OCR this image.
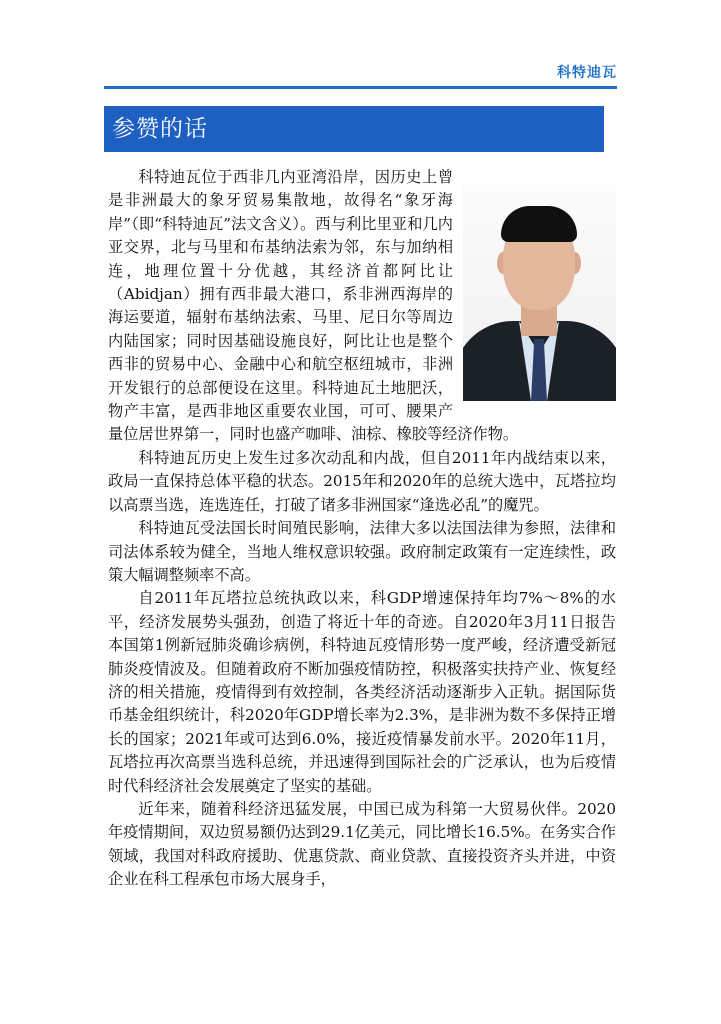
科特迪瓦
参赞的话

科特迪瓦位于西非几内亚湾沿岸，因历史上曾是非洲最大的象牙贸易集散地，故得名“象牙海岸”（即“科特迪瓦”法文含义）。西与利比里亚和几内亚交界，北与马里和布基纳法索为邻，东与加纳相连，地理位置十分优越，其经济首都阿比让（Abidjan）拥有西非最大港口，系非洲西海岸的海运要道，辐射布基纳法索、马里、尼日尔等周边内陆国家；同时因基础设施良好，阿比让也是整个西非的贸易中心、金融中心和航空枢纽城市，非洲开发银行的总部便设在这里。科特迪瓦土地肥沃，物产丰富，是西非地区重要农业国，可可、腰果产量位居世界第一，同时也盛产咖啡、油棕、橡胶等经济作物。

科特迪瓦历史上发生过多次动乱和内战，但自2011年内战结束以来，政局一直保持总体平稳的状态。2015年和2020年的总统大选中，瓦塔拉均以高票当选，连选连任，打破了诸多非洲国家“逢选必乱”的魔咒。

科特迪瓦受法国长时间殖民影响，法律大多以法国法律为参照，法律和司法体系较为健全，当地人维权意识较强。政府制定政策有一定连续性，政策大幅调整频率不高。

自2011年瓦塔拉总统执政以来，科GDP增速保持年均7%～8%的水平，经济发展势头强劲，创造了将近十年的奇迹。自2020年3月11日报告本国第1例新冠肺炎确诊病例，科特迪瓦疫情形势一度严峻，经济遭受新冠肺炎疫情波及。但随着政府不断加强疫情防控，积极落实扶持产业、恢复经济的相关措施，疫情得到有效控制，各类经济活动逐渐步入正轨。据国际货币基金组织统计，科2020年GDP增长率为2.3%，是非洲为数不多保持正增长的国家；2021年或可达到6.0%，接近疫情暴发前水平。2020年11月，瓦塔拉再次高票当选科总统，并迅速得到国际社会的广泛承认，也为后疫情时代科经济社会发展奠定了坚实的基础。

近年来，随着科经济迅猛发展，中国已成为科第一大贸易伙伴。2020年疫情期间，双边贸易额仍达到29.1亿美元，同比增长16.5%。在务实合作领域，我国对科政府援助、优惠贷款、商业贷款、直接投资齐头并进，中资企业在科工程承包市场大展身手，
